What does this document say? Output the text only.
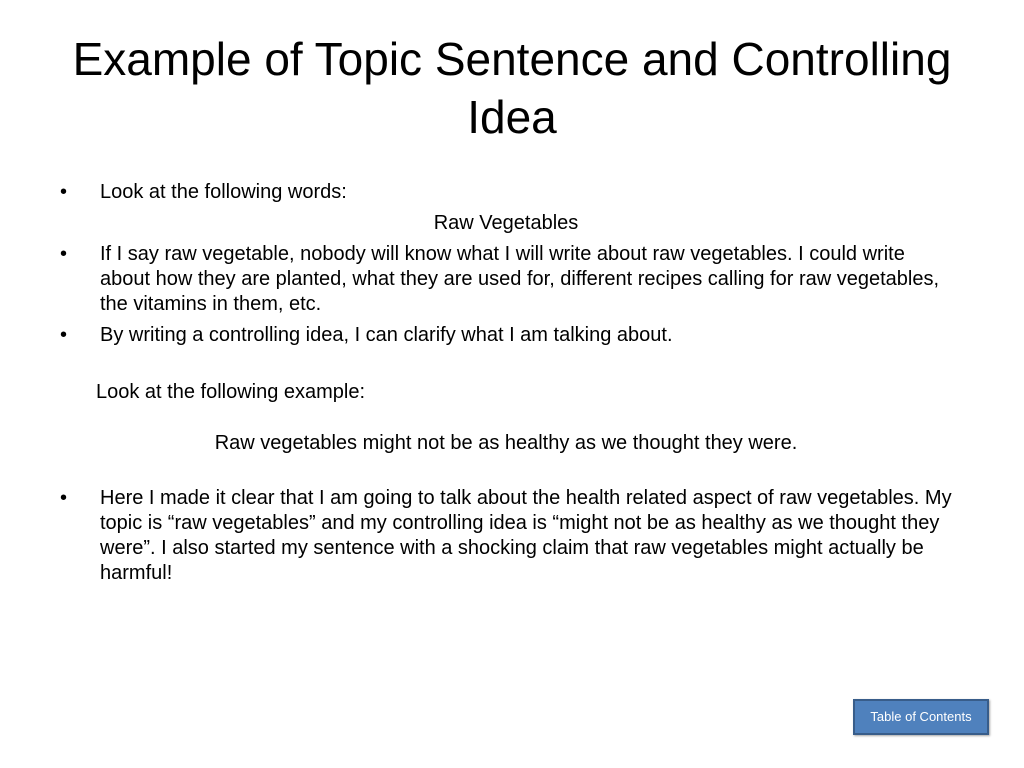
Example of Topic Sentence and Controlling Idea
• Look at the following words:
Raw Vegetables
• If I say raw vegetable, nobody will know what I will write about raw vegetables. I could write about how they are planted, what they are used for, different recipes calling for raw vegetables, the vitamins in them, etc.
• By writing a controlling idea, I can clarify what I am talking about.
Look at the following example:
Raw vegetables might not be as healthy as we thought they were.
• Here I made it clear that I am going to talk about the health related aspect of raw vegetables. My topic is “raw vegetables” and my controlling idea is “might not be as healthy as we thought they were”. I also started my sentence with a shocking claim that raw vegetables might actually be harmful!
Table of Contents
